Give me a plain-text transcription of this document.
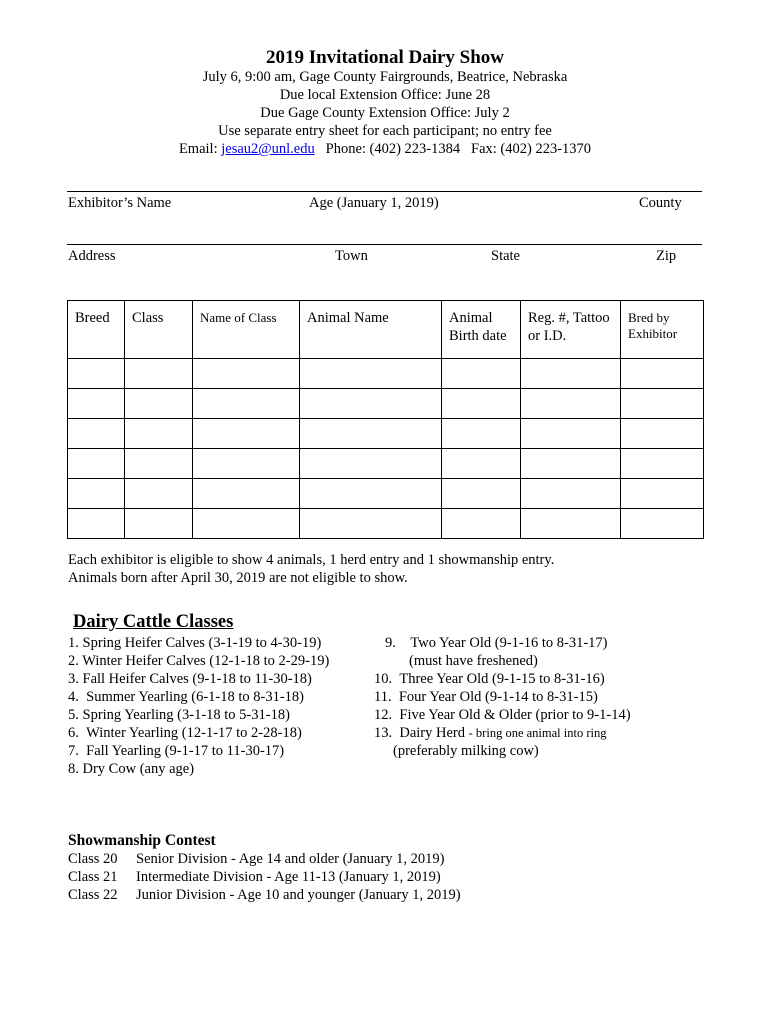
2019 Invitational Dairy Show
July 6, 9:00 am, Gage County Fairgrounds, Beatrice, Nebraska
Due local Extension Office: June 28
Due Gage County Extension Office: July 2
Use separate entry sheet for each participant; no entry fee
Email: jesau2@unl.edu Phone: (402) 223-1384 Fax: (402) 223-1370
Exhibitor’s Name	Age (January 1, 2019)	County
Address	Town	State	Zip
Breed	Class	Name of Class	Animal Name	Animal Birth date	Reg. #, Tattoo or I.D.	Bred by Exhibitor

Each exhibitor is eligible to show 4 animals, 1 herd entry and 1 showmanship entry.
Animals born after April 30, 2019 are not eligible to show.
Dairy Cattle Classes
1. Spring Heifer Calves (3-1-19 to 4-30-19)
2. Winter Heifer Calves (12-1-18 to 2-29-19)
3. Fall Heifer Calves (9-1-18 to 11-30-18)
4. Summer Yearling (6-1-18 to 8-31-18)
5. Spring Yearling (3-1-18 to 5-31-18)
6. Winter Yearling (12-1-17 to 2-28-18)
7. Fall Yearling (9-1-17 to 11-30-17)
8. Dry Cow (any age)
9. Two Year Old (9-1-16 to 8-31-17)
(must have freshened)
10. Three Year Old (9-1-15 to 8-31-16)
11. Four Year Old (9-1-14 to 8-31-15)
12. Five Year Old & Older (prior to 9-1-14)
13. Dairy Herd - bring one animal into ring
(preferably milking cow)
Showmanship Contest
Class 20 Senior Division - Age 14 and older (January 1, 2019)
Class 21 Intermediate Division - Age 11-13 (January 1, 2019)
Class 22 Junior Division - Age 10 and younger (January 1, 2019)
